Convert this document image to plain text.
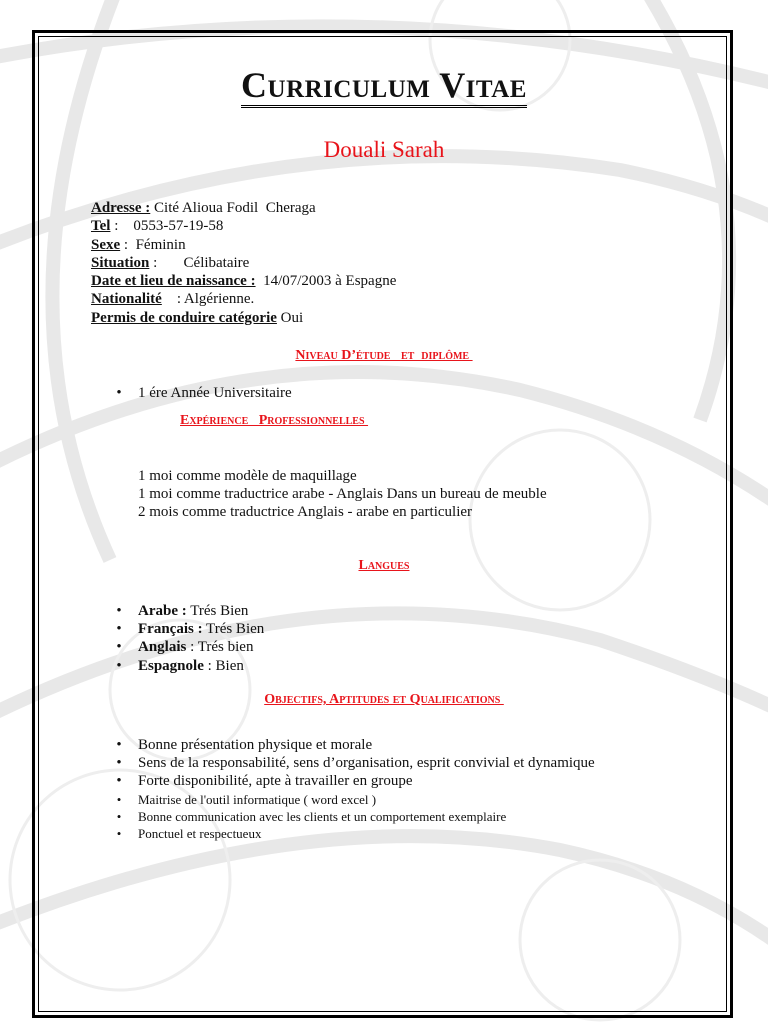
Curriculum Vitae
Douali Sarah
Adresse : Cité Alioua Fodil  Cheraga
Tel :    0553-57-19-58
Sexe :  Féminin
Situation :       Célibataire
Date et lieu de naissance :  14/07/2003 à Espagne
Nationalité    : Algérienne.
Permis de conduire catégorie Oui
Niveau D’étude   et  diplôme
• 1 ére Année Universitaire
Expérience   Professionnelles
1 moi comme modèle de maquillage
1 moi comme traductrice arabe - Anglais Dans un bureau de meuble
2 mois comme traductrice Anglais - arabe en particulier
Langues
• Arabe : Trés Bien
• Français : Trés Bien
• Anglais : Trés bien
• Espagnole : Bien
Objectifs, Aptitudes et Qualifications
• Bonne présentation physique et morale
• Sens de la responsabilité, sens d’organisation, esprit convivial et dynamique
• Forte disponibilité, apte à travailler en groupe
• Maitrise de l'outil informatique ( word excel )
• Bonne communication avec les clients et un comportement exemplaire
• Ponctuel et respectueux
